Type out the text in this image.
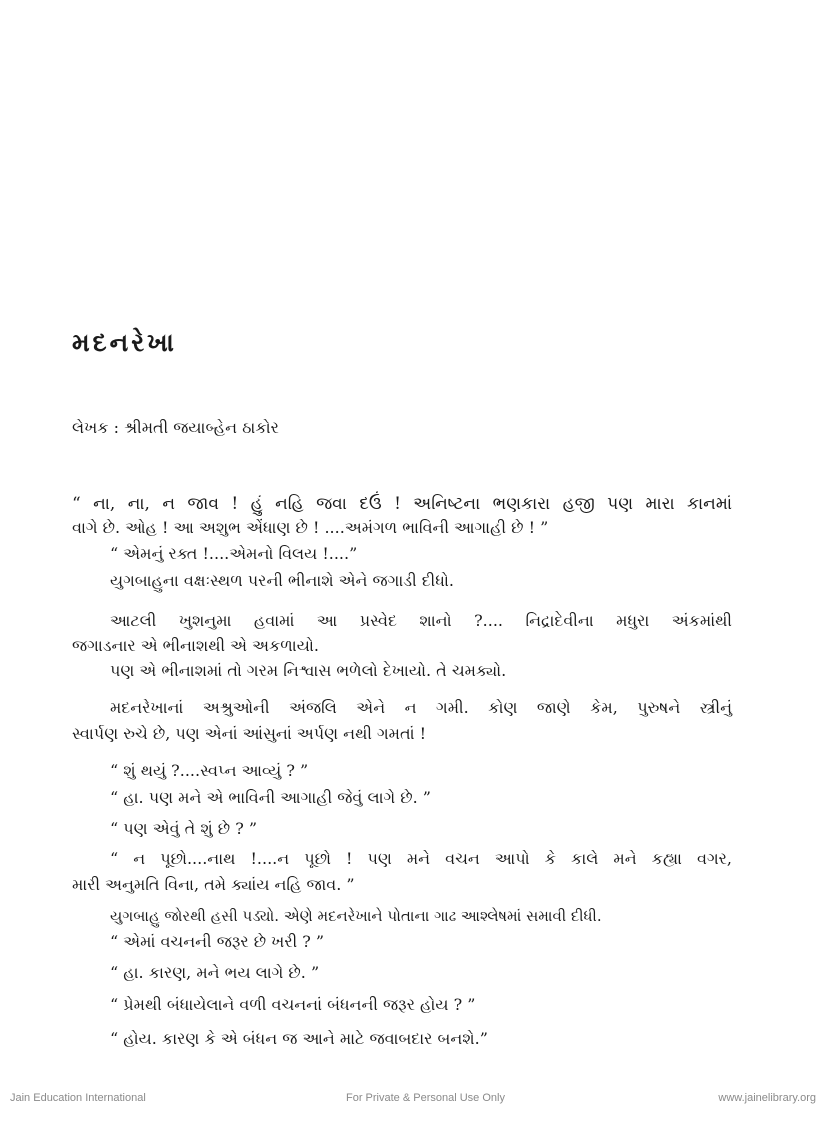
મદનરેખા
લેખક : શ્રીમતી જયાબ્હેન ઠાકોર
“ ના, ના, ન જાવ ! હું નહિ જવા દઉં ! અનિષ્ટના ભણકારા હજી પણ મારા કાનમાં
વાગે છે. ઓહ ! આ અશુભ એંધાણ છે ! ....અમંગળ ભાવિની આગાહી છે ! ”
“ એમનું રક્ત !....એમનો વિલય !....”
યુગબાહુના વક્ષઃસ્થળ પરની ભીનાશે એને જગાડી દીધો.
આટલી ખુશનુમા હવામાં આ પ્રસ્વેદ શાનો ?.... નિદ્રાદેવીના મધુરા અંકમાંથી
જગાડનાર એ ભીનાશથી એ અકળાયો.
પણ એ ભીનાશમાં તો ગરમ નિશ્વાસ ભળેલો દેખાયો. તે ચમક્યો.
મદનરેખાનાં અશ્રુઓની અંજલિ એને ન ગમી. કોણ જાણે કેમ, પુરુષને સ્ત્રીનું
સ્વાર્પણ રુચે છે, પણ એનાં આંસુનાં અર્પણ નથી ગમતાં !
“ શું થયું ?....સ્વપ્ન આવ્યું ? ”
“ હા. પણ મને એ ભાવિની આગાહી જેવું લાગે છે. ”
“ પણ એવું તે શું છે ? ”
“ ન પૂછો....નાથ !....ન પૂછો ! પણ મને વચન આપો કે કાલે મને કહ્યા વગર,
મારી અનુમતિ વિના, તમે ક્યાંય નહિ જાવ. ”
યુગબાહુ જોરથી હસી પડ્યો. એણે મદનરેખાને પોતાના ગાઢ આશ્લેષમાં સમાવી દીધી.
“ એમાં વચનની જરૂર છે ખરી ? ”
“ હા. કારણ, મને ભય લાગે છે. ”
“ પ્રેમથી બંધાયેલાને વળી વચનનાં બંધનની જરૂર હોય ? ”
“ હોય. કારણ કે એ બંધન જ આને માટે જવાબદાર બનશે.”
Jain Education International	For Private & Personal Use Only	www.jainelibrary.org
